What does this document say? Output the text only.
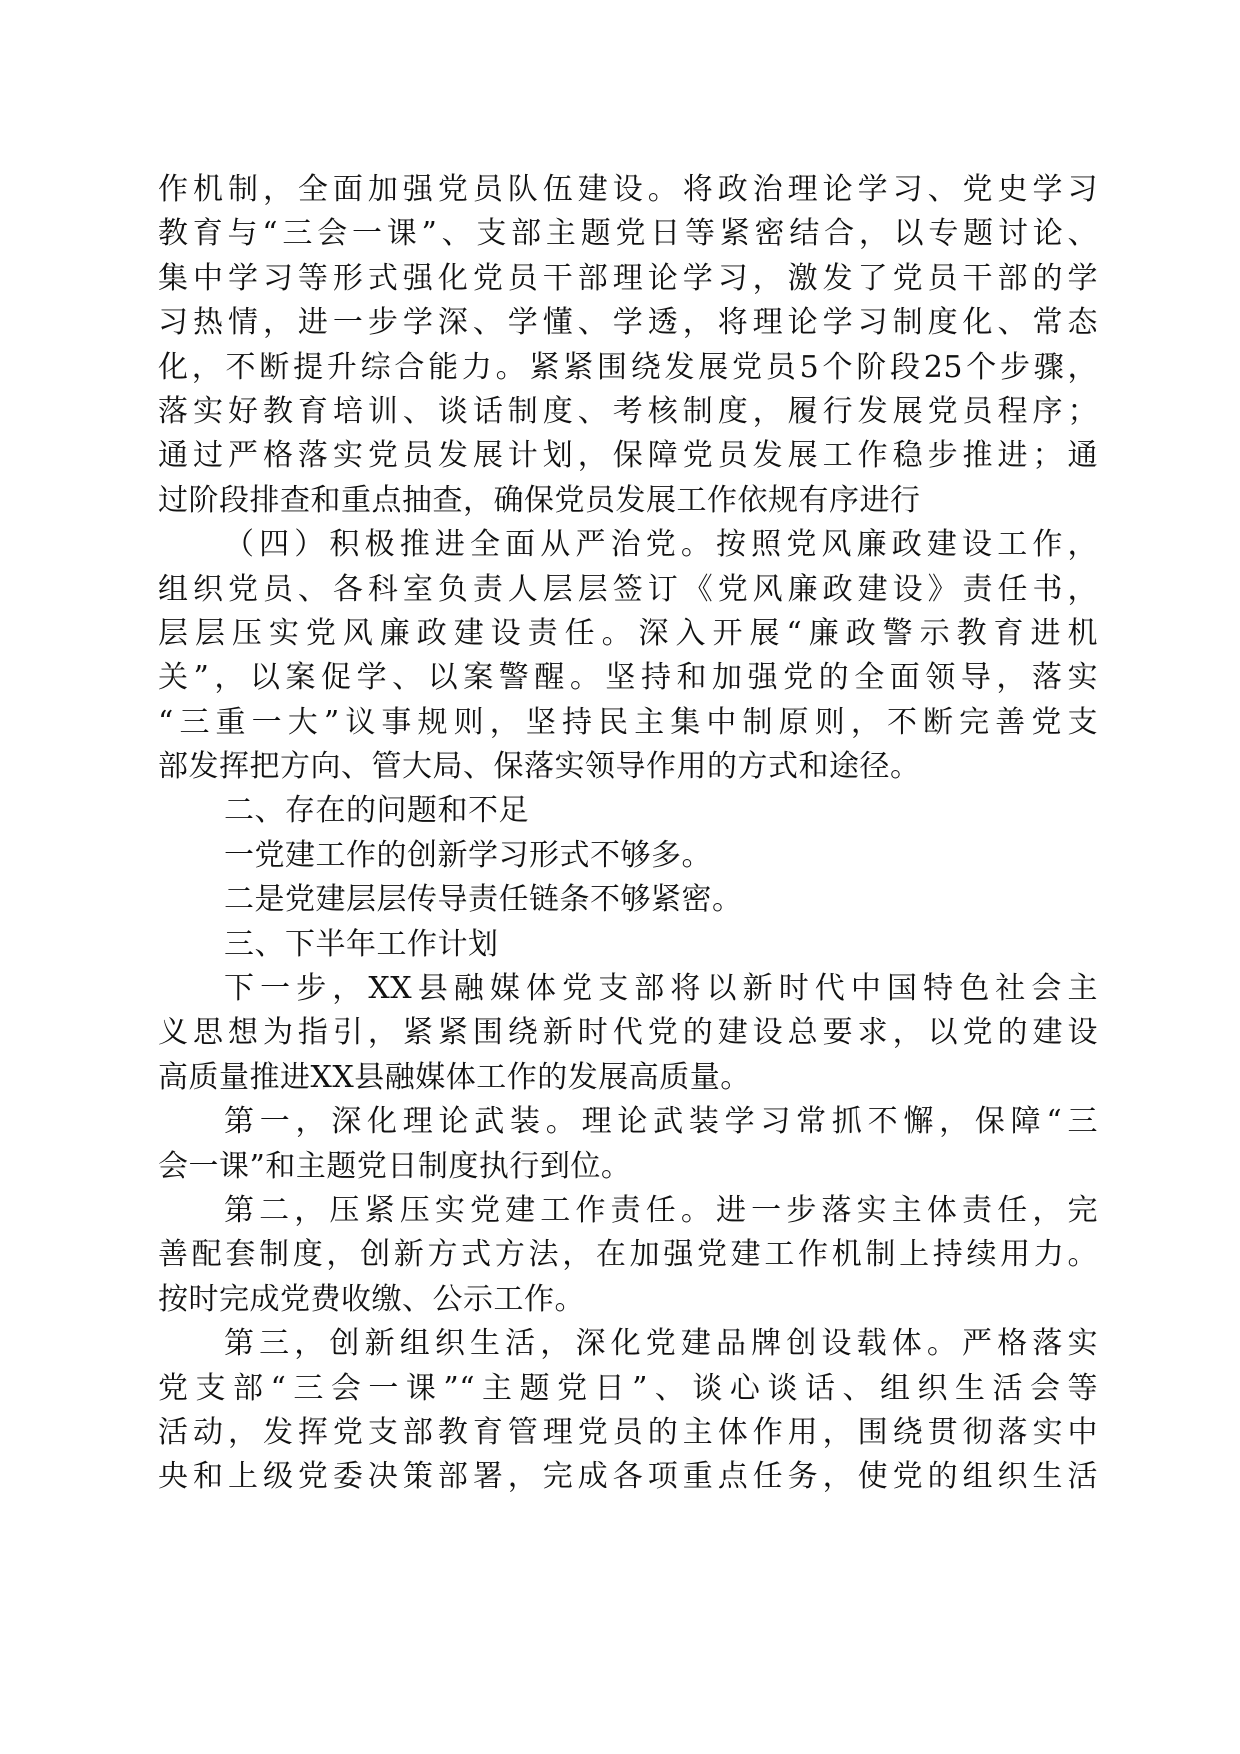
作机制，全面加强党员队伍建设。将政治理论学习、党史学习
教育与“三会一课”、支部主题党日等紧密结合，以专题讨论、
集中学习等形式强化党员干部理论学习，激发了党员干部的学
习热情，进一步学深、学懂、学透，将理论学习制度化、常态
化，不断提升综合能力。紧紧围绕发展党员5个阶段25个步骤，
落实好教育培训、谈话制度、考核制度，履行发展党员程序；
通过严格落实党员发展计划，保障党员发展工作稳步推进；通
过阶段排查和重点抽查，确保党员发展工作依规有序进行
（四）积极推进全面从严治党。按照党风廉政建设工作，
组织党员、各科室负责人层层签订《党风廉政建设》责任书，
层层压实党风廉政建设责任。深入开展“廉政警示教育进机
关”，以案促学、以案警醒。坚持和加强党的全面领导，落实
“三重一大”议事规则，坚持民主集中制原则，不断完善党支
部发挥把方向、管大局、保落实领导作用的方式和途径。
二、存在的问题和不足
一党建工作的创新学习形式不够多。
二是党建层层传导责任链条不够紧密。
三、下半年工作计划
下一步，XX县融媒体党支部将以新时代中国特色社会主
义思想为指引，紧紧围绕新时代党的建设总要求，以党的建设
高质量推进XX县融媒体工作的发展高质量。
第一，深化理论武装。理论武装学习常抓不懈，保障“三
会一课”和主题党日制度执行到位。
第二，压紧压实党建工作责任。进一步落实主体责任，完
善配套制度，创新方式方法，在加强党建工作机制上持续用力。
按时完成党费收缴、公示工作。
第三，创新组织生活，深化党建品牌创设载体。严格落实
党支部“三会一课”“主题党日”、谈心谈话、组织生活会等
活动，发挥党支部教育管理党员的主体作用，围绕贯彻落实中
央和上级党委决策部署，完成各项重点任务，使党的组织生活
